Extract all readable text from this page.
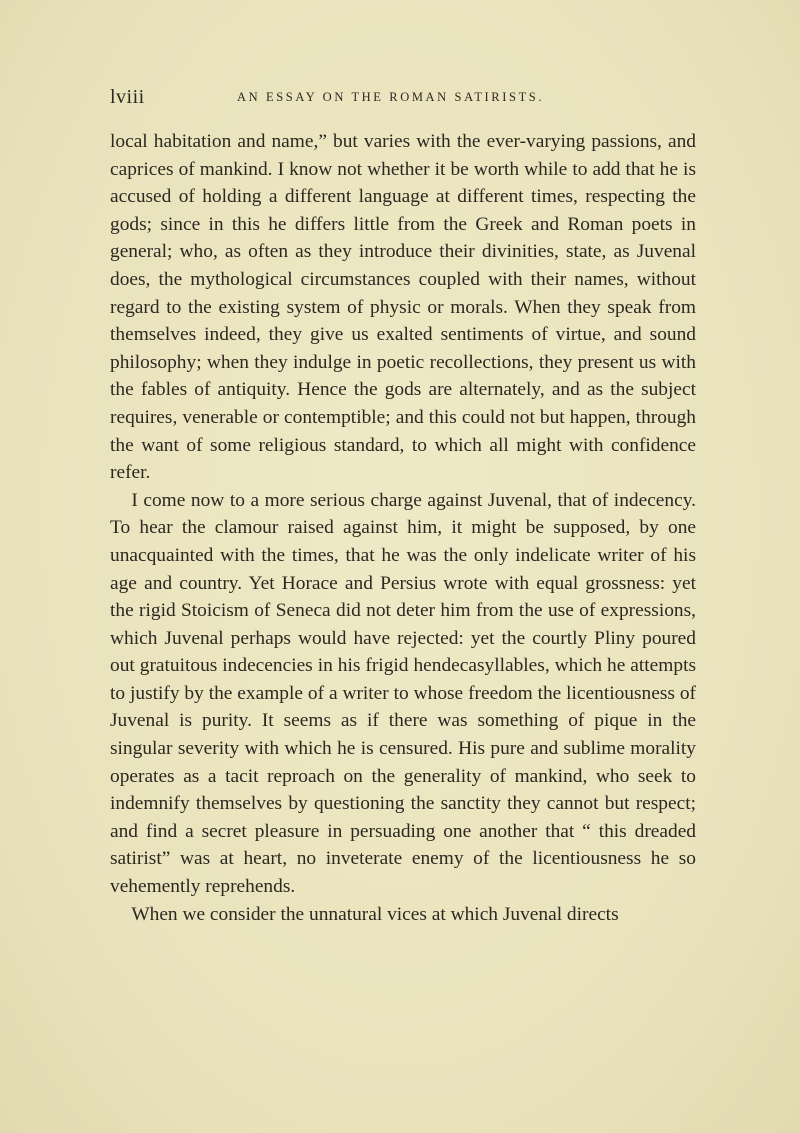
lviii	AN ESSAY ON THE ROMAN SATIRISTS.

local habitation and name,” but varies with the ever-varying passions, and caprices of mankind. I know not whether it be worth while to add that he is accused of holding a different language at different times, respecting the gods; since in this he differs little from the Greek and Roman poets in general; who, as often as they introduce their divinities, state, as Juvenal does, the mythological circumstances coupled with their names, without regard to the existing system of physic or morals. When they speak from themselves indeed, they give us exalted sentiments of virtue, and sound philosophy; when they indulge in poetic recollections, they present us with the fables of antiquity. Hence the gods are alternately, and as the subject requires, venerable or contemptible; and this could not but happen, through the want of some religious standard, to which all might with confidence refer.

I come now to a more serious charge against Juvenal, that of indecency. To hear the clamour raised against him, it might be supposed, by one unacquainted with the times, that he was the only indelicate writer of his age and country. Yet Horace and Persius wrote with equal grossness: yet the rigid Stoicism of Seneca did not deter him from the use of expressions, which Juvenal perhaps would have rejected: yet the courtly Pliny poured out gratuitous indecencies in his frigid hendecasyllables, which he attempts to justify by the example of a writer to whose freedom the licentiousness of Juvenal is purity. It seems as if there was something of pique in the singular severity with which he is censured. His pure and sublime morality operates as a tacit reproach on the generality of mankind, who seek to indemnify themselves by questioning the sanctity they cannot but respect; and find a secret pleasure in persuading one another that “ this dreaded satirist” was at heart, no inveterate enemy of the licentiousness he so vehemently reprehends.

When we consider the unnatural vices at which Juvenal directs
